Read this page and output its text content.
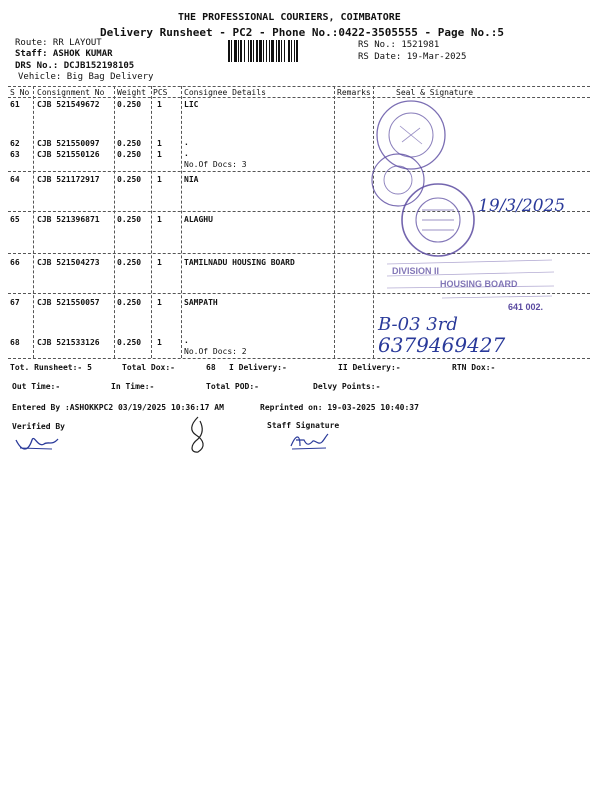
THE PROFESSIONAL COURIERS, COIMBATORE
Delivery Runsheet - PC2 - Phone No.:0422-3505555 - Page No.:5
Route: RR LAYOUT
Staff: ASHOK KUMAR
DRS No.: DCJB152198105
Vehicle: Big Bag Delivery
RS No.: 1521981
RS Date: 19-Mar-2025
S No Consignment No Weight PCS Consignee Details	Remarks	Seal & Signature
61 CJB 521549672 0.250 1	LIC
62 CJB 521550097 0.250 1	.
63 CJB 521550126 0.250 1	.
No.Of Docs: 3
64 CJB 521172917 0.250 1	NIA
65 CJB 521396871 0.250 1	ALAGHU
66 CJB 521504273 0.250 1	TAMILNADU HOUSING BOARD
67 CJB 521550057 0.250 1	SAMPATH
68 CJB 521533126 0.250 1	.
No.Of Docs: 2
Tot. Runsheet:- 5	Total Dox:-	68 I Delivery:-	II Delivery:-	RTN Dox:-
Out Time:-	In Time:-	Total POD:-	Delvy Points:-
Entered By :ASHOKKPC2 03/19/2025 10:36:17 AM	Reprinted on: 19-03-2025 10:40:37
Verified By	Staff Signature
DIVISION II
HOUSING BOARD
641 002.
19/3/2025
B-03 3rd
6379469427
